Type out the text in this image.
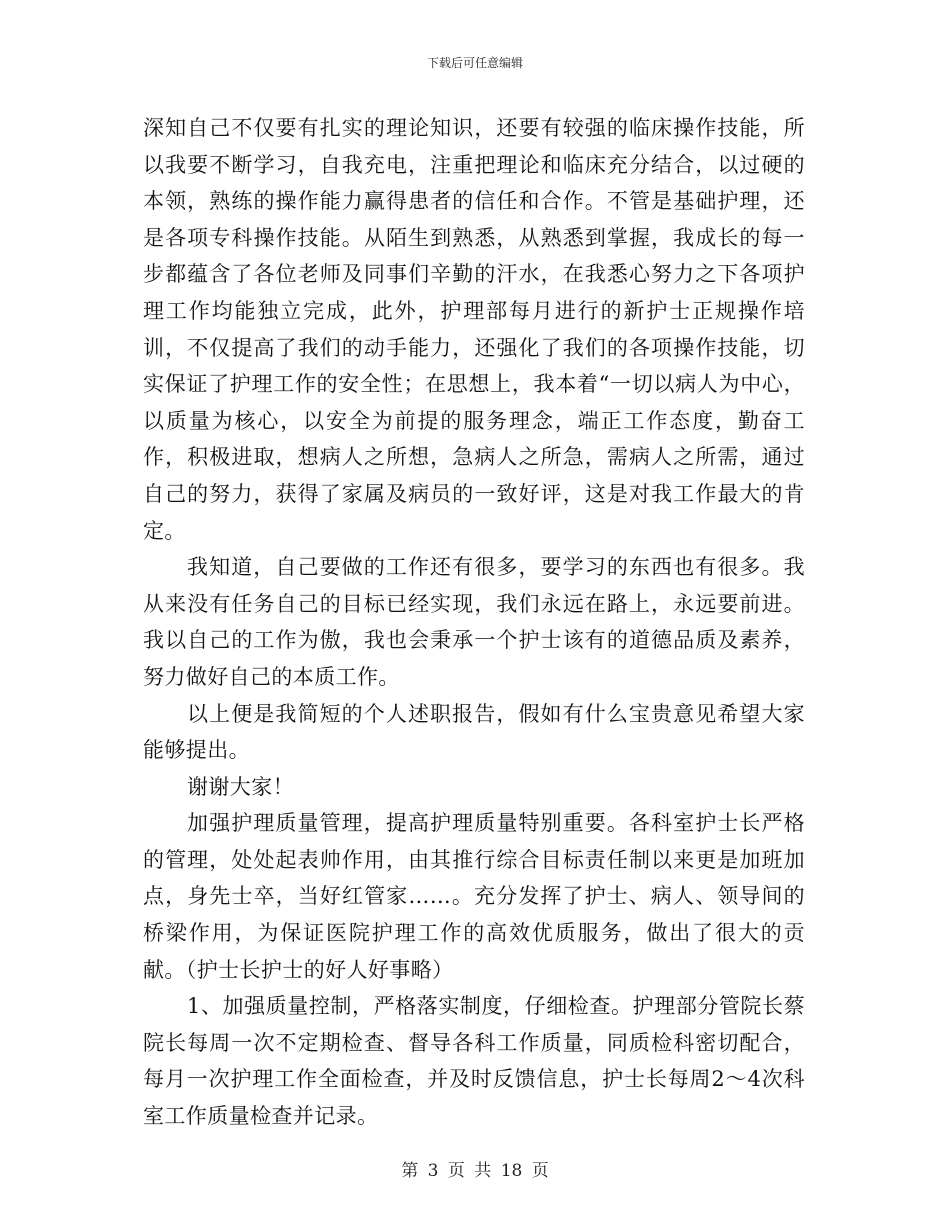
下载后可任意编辑

深知自己不仅要有扎实的理论知识，还要有较强的临床操作技能，所以我要不断学习，自我充电，注重把理论和临床充分结合，以过硬的本领，熟练的操作能力赢得患者的信任和合作。不管是基础护理，还是各项专科操作技能。从陌生到熟悉，从熟悉到掌握，我成长的每一步都蕴含了各位老师及同事们辛勤的汗水，在我悉心努力之下各项护理工作均能独立完成，此外，护理部每月进行的新护士正规操作培训，不仅提高了我们的动手能力，还强化了我们的各项操作技能，切实保证了护理工作的安全性；在思想上，我本着“一切以病人为中心，以质量为核心，以安全为前提的服务理念，端正工作态度，勤奋工作，积极进取，想病人之所想，急病人之所急，需病人之所需，通过自己的努力，获得了家属及病员的一致好评，这是对我工作最大的肯定。

我知道，自己要做的工作还有很多，要学习的东西也有很多。我从来没有任务自己的目标已经实现，我们永远在路上，永远要前进。我以自己的工作为傲，我也会秉承一个护士该有的道德品质及素养，努力做好自己的本质工作。

以上便是我简短的个人述职报告，假如有什么宝贵意见希望大家能够提出。

谢谢大家！

加强护理质量管理，提高护理质量特别重要。各科室护士长严格的管理，处处起表帅作用，由其推行综合目标责任制以来更是加班加点，身先士卒，当好红管家……。充分发挥了护士、病人、领导间的桥梁作用，为保证医院护理工作的高效优质服务，做出了很大的贡献。（护士长护士的好人好事略）

1、加强质量控制，严格落实制度，仔细检查。护理部分管院长蔡院长每周一次不定期检查、督导各科工作质量，同质检科密切配合，每月一次护理工作全面检查，并及时反馈信息，护士长每周2～4次科室工作质量检查并记录。

第 3 页 共 18 页
